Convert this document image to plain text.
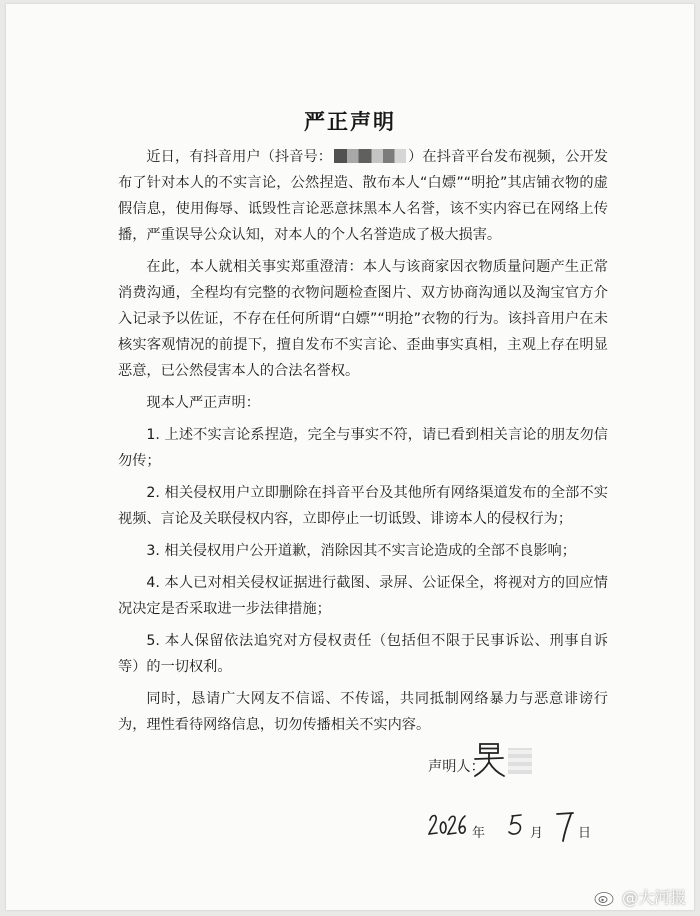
严正声明

近日，有抖音用户（抖音号：	）在抖音平台发布视频，公开发布了针对本人的不实言论，公然捏造、散布本人“白嫖”“明抢”其店铺衣物的虚假信息，使用侮辱、诋毁性言论恶意抹黑本人名誉，该不实内容已在网络上传播，严重误导公众认知，对本人的个人名誉造成了极大损害。

在此，本人就相关事实郑重澄清：本人与该商家因衣物质量问题产生正常消费沟通，全程均有完整的衣物问题检查图片、双方协商沟通以及淘宝官方介入记录予以佐证，不存在任何所谓“白嫖”“明抢”衣物的行为。该抖音用户在未核实客观情况的前提下，擅自发布不实言论、歪曲事实真相，主观上存在明显恶意，已公然侵害本人的合法名誉权。

现本人严正声明：

1. 上述不实言论系捏造，完全与事实不符，请已看到相关言论的朋友勿信勿传；

2. 相关侵权用户立即删除在抖音平台及其他所有网络渠道发布的全部不实视频、言论及关联侵权内容，立即停止一切诋毁、诽谤本人的侵权行为；

3. 相关侵权用户公开道歉，消除因其不实言论造成的全部不良影响；

4. 本人已对相关侵权证据进行截图、录屏、公证保全，将视对方的回应情况决定是否采取进一步法律措施；

5. 本人保留依法追究对方侵权责任（包括但不限于民事诉讼、刑事自诉等）的一切权利。

同时，恳请广大网友不信谣、不传谣，共同抵制网络暴力与恶意诽谤行为，理性看待网络信息，切勿传播相关不实内容。

声明人：
年	月	日
@大河报
